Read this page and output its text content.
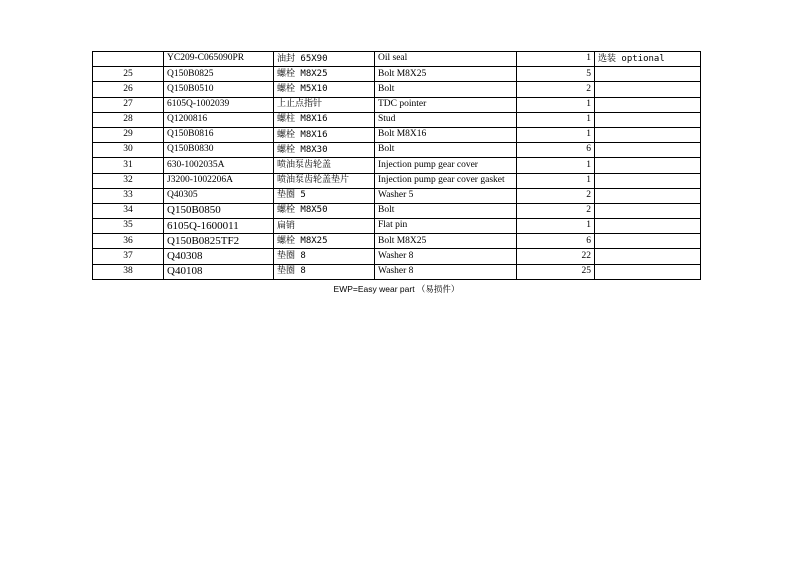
	YC209-C065090PR	油封 65X90	Oil seal	1	选装 optional
25	Q150B0825	螺栓 M8X25	Bolt M8X25	5	
26	Q150B0510	螺栓 M5X10	Bolt	2	
27	6105Q-1002039	上止点指针	TDC pointer	1	
28	Q1200816	螺柱 M8X16	Stud	1	
29	Q150B0816	螺栓 M8X16	Bolt M8X16	1	
30	Q150B0830	螺栓 M8X30	Bolt	6	
31	630-1002035A	喷油泵齿轮盖	Injection pump gear cover	1	
32	J3200-1002206A	喷油泵齿轮盖垫片	Injection pump gear cover gasket	1	
33	Q40305	垫圈 5	Washer 5	2	
34	Q150B0850	螺栓 M8X50	Bolt	2	
35	6105Q-1600011	扁销	Flat pin	1	
36	Q150B0825TF2	螺栓 M8X25	Bolt M8X25	6	
37	Q40308	垫圈 8	Washer 8	22	
38	Q40108	垫圈 8	Washer 8	25	
EWP=Easy wear part （易损件）
